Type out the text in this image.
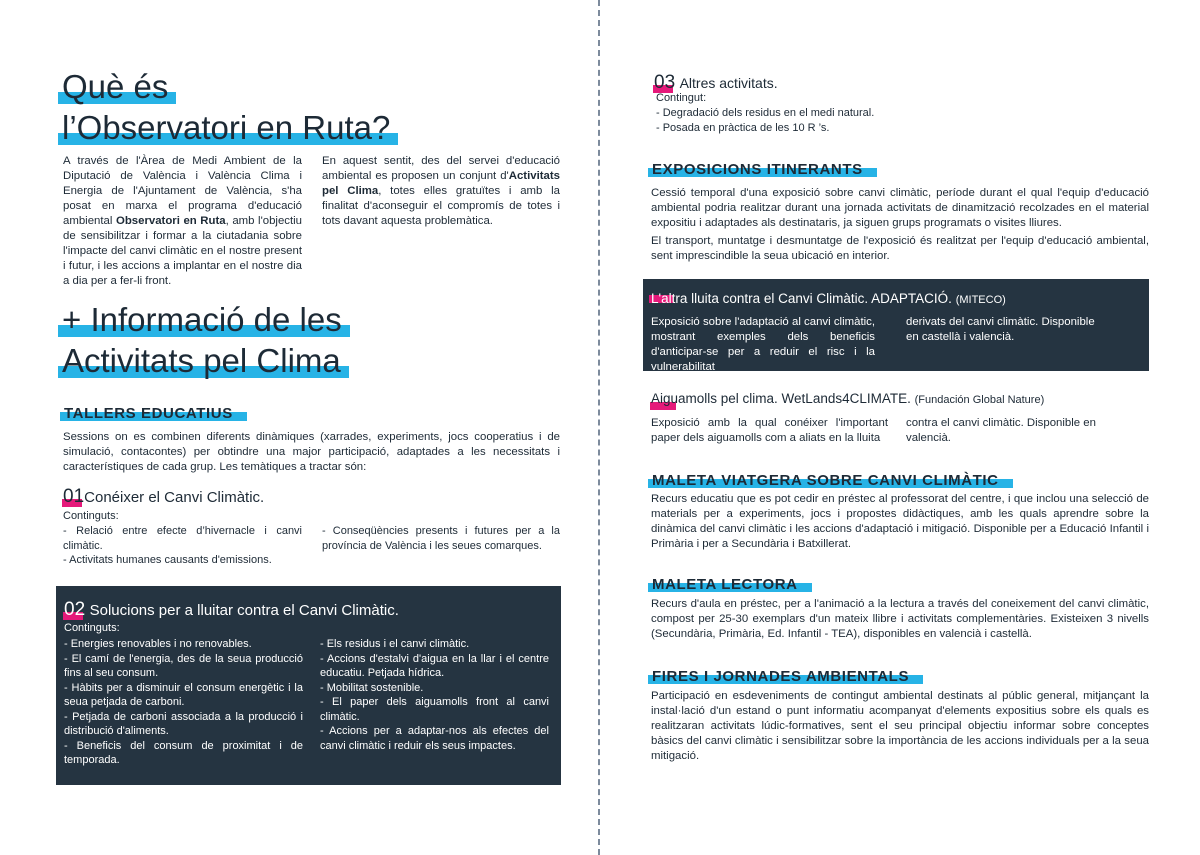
Què és
l’Observatori en Ruta?
A través de l'Àrea de Medi Ambient de la Diputació de València i València Clima i Energia de l'Ajuntament de València, s'ha posat en marxa el programa d'educació ambiental Observatori en Ruta, amb l'objectiu de sensibilitzar i formar a la ciutadania sobre l'impacte del canvi climàtic en el nostre present i futur, i les accions a implantar en el nostre dia a dia per a fer-li front.
En aquest sentit, des del servei d'educació ambiental es proposen un conjunt d'Activitats pel Clima, totes elles gratuïtes i amb la finalitat d'aconseguir el compromís de totes i tots davant aquesta problemàtica.
+ Informació de les
Activitats pel Clima
TALLERS EDUCATIUS

Sessions on es combinen diferents dinàmiques (xarrades, experiments, jocs cooperatius i de simulació, contacontes) per obtindre una major participació, adaptades a les necessitats i característiques de cada grup. Les temàtiques a tractar són:

01Conéixer el Canvi Climàtic.
Continguts:
- Relació entre efecte d’hivernacle i canvi climàtic.
- Activitats humanes causants d'emissions.
- Conseqüències presents i futures per a la província de València i les seues comarques.
02 Solucions per a lluitar contra el Canvi Climàtic.
Continguts:
- Energies renovables i no renovables.
- El camí de l'energia, des de la seua producció fins al seu consum.
- Hàbits per a disminuir el consum energètic i la seua petjada de carboni.
- Petjada de carboni associada a la producció i distribució d'aliments.
- Beneficis del consum de proximitat i de temporada.
- Els residus i el canvi climàtic.
- Accions d'estalvi d'aigua en la llar i el centre educatiu. Petjada hídrica.
- Mobilitat sostenible.
- El paper dels aiguamolls front al canvi climàtic.
- Accions per a adaptar-nos als efectes del canvi climàtic i reduir els seus impactes.
03 Altres activitats.
Contingut:
- Degradació dels residus en el medi natural.
- Posada en pràctica de les 10 R ’s.
EXPOSICIONS ITINERANTS

Cessió temporal d'una exposició sobre canvi climàtic, període durant el qual l'equip d'educació ambiental podria realitzar durant una jornada activitats de dinamització recolzades en el material expositiu i adaptades als destinataris, ja siguen grups programats o visites lliures.

El transport, muntatge i desmuntatge de l'exposició és realitzat per l'equip d'educació ambiental, sent imprescindible la seua ubicació en interior.

L'altra lluita contra el Canvi Climàtic. ADAPTACIÓ. (MITECO)

Exposició sobre l'adaptació al canvi climàtic, mostrant exemples dels beneficis d'anticipar-se per a reduir el risc i la vulnerabilitat

derivats del canvi climàtic. Disponible en castellà i valencià.

Aiguamolls pel clima. WetLands4CLIMATE. (Fundación Global Nature)

Exposició amb la qual conéixer l'important paper dels aiguamolls com a aliats en la lluita

contra el canvi climàtic. Disponible en valencià.

MALETA VIATGERA SOBRE CANVI CLIMÀTIC

Recurs educatiu que es pot cedir en préstec al professorat del centre, i que inclou una selecció de materials per a experiments, jocs i propostes didàctiques, amb les quals aprendre sobre la dinàmica del canvi climàtic i les accions d'adaptació i mitigació. Disponible per a Educació Infantil i Primària i per a Secundària i Batxillerat.

MALETA LECTORA

Recurs d'aula en préstec, per a l'animació a la lectura a través del coneixement del canvi climàtic, compost per 25-30 exemplars d'un mateix llibre i activitats complementàries. Existeixen 3 nivells (Secundària, Primària, Ed. Infantil - TEA), disponibles en valencià i castellà.

FIRES I JORNADES AMBIENTALS

Participació en esdeveniments de contingut ambiental destinats al públic general, mitjançant la instal·lació d'un estand o punt informatiu acompanyat d'elements expositius sobre els quals es realitzaran activitats lúdic-formatives, sent el seu principal objectiu informar sobre conceptes bàsics del canvi climàtic i sensibilitzar sobre la importància de les accions individuals per a la seua mitigació.
